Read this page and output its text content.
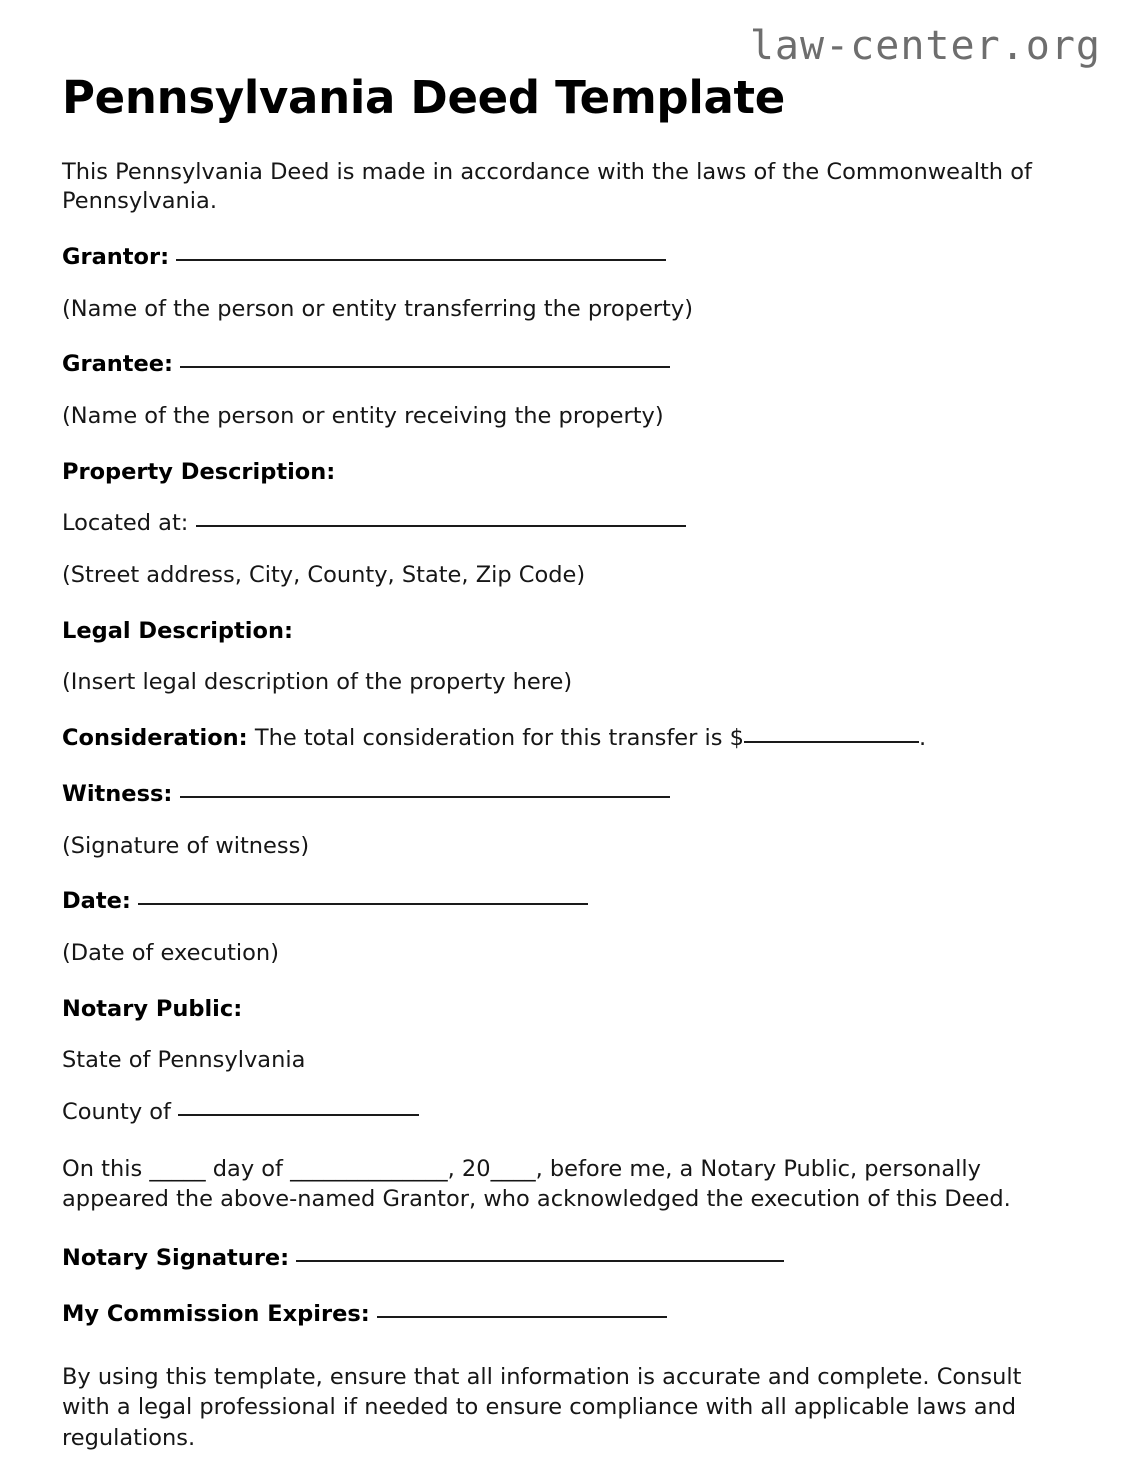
law-center.org
Pennsylvania Deed Template

This Pennsylvania Deed is made in accordance with the laws of the Commonwealth of Pennsylvania.

Grantor:
(Name of the person or entity transferring the property)
Grantee:
(Name of the person or entity receiving the property)
Property Description:
Located at:
(Street address, City, County, State, Zip Code)
Legal Description:
(Insert legal description of the property here)
Consideration: The total consideration for this transfer is $	.
Witness:
(Signature of witness)
Date:
(Date of execution)
Notary Public:
State of Pennsylvania
County of

On this _____ day of ______________, 20____, before me, a Notary Public, personally appeared the above-named Grantor, who acknowledged the execution of this Deed.

Notary Signature:
My Commission Expires:

By using this template, ensure that all information is accurate and complete. Consult with a legal professional if needed to ensure compliance with all applicable laws and regulations.
